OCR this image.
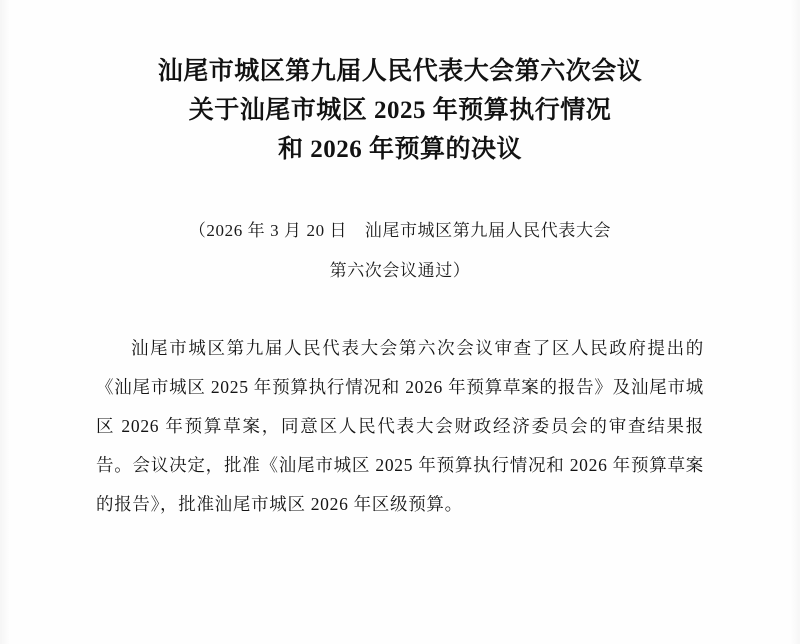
汕尾市城区第九届人民代表大会第六次会议
关于汕尾市城区 2025 年预算执行情况
和 2026 年预算的决议
（2026 年 3 月 20 日　汕尾市城区第九届人民代表大会
第六次会议通过）

汕尾市城区第九届人民代表大会第六次会议审查了区人民政府提出的《汕尾市城区 2025 年预算执行情况和 2026 年预算草案的报告》及汕尾市城区 2026 年预算草案，同意区人民代表大会财政经济委员会的审查结果报告。会议决定，批准《汕尾市城区 2025 年预算执行情况和 2026 年预算草案的报告》，批准汕尾市城区 2026 年区级预算。
